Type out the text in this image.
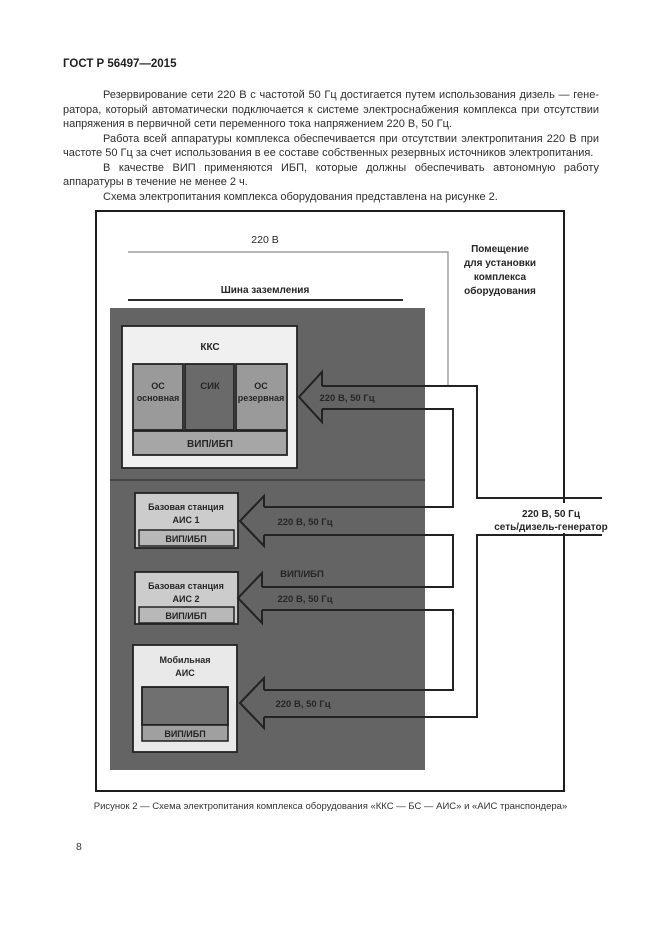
ГОСТ Р 56497—2015

Резервирование сети 220 В с частотой 50 Гц достигается путем использования дизель — генератора, который автоматически подключается к системе электроснабжения комплекса при отсутствии напряжения в первичной сети переменного тока напряжением 220 В, 50 Гц.

Работа всей аппаратуры комплекса обеспечивается при отсутствии электропитания 220 В при частоте 50 Гц за счет использования в ее составе собственных резервных источников электропитания.

В качестве ВИП применяются ИБП, которые должны обеспечивать автономную работу аппаратуры в течение не менее 2 ч.

Схема электропитания комплекса оборудования представлена на рисунке 2.

ККС
ОС
основная
СИК	ОС
резервная
ВИП/ИБП
Базовая станция
АИС 1
ВИП/ИБП
Базовая станция
АИС 2
ВИП/ИБП
Мобильная
АИС
ВИП/ИБП
220 В
Шина заземления
Помещение
для установки
комплекса
оборудования
220 В, 50 Гц
220 В, 50 Гц
220 В, 50 Гц
220 В, 50 Гц
ВИП/ИБП
220 В, 50 Гц
сеть/дизель-генератор
Рисунок 2 — Схема электропитания комплекса оборудования «ККС — БС — АИС» и «АИС транспондера»
8
